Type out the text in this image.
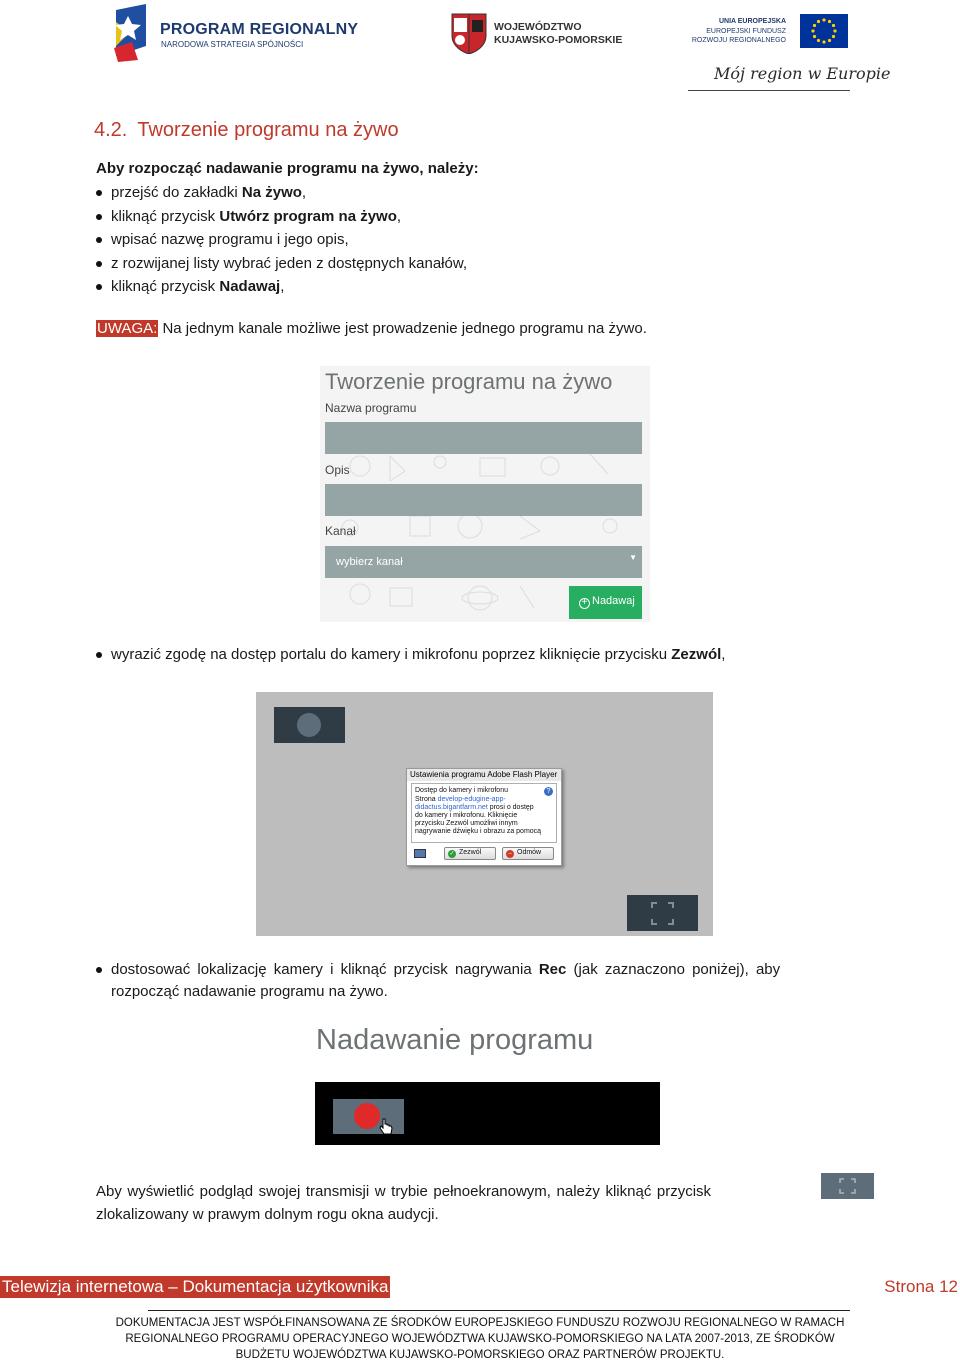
PROGRAM REGIONALNY
NARODOWA STRATEGIA SPÓJNOŚCI
WOJEWÓDZTWO
KUJAWSKO-POMORSKIE
UNIA EUROPEJSKA
EUROPEJSKI FUNDUSZ
ROZWOJU REGIONALNEGO
Mój region w Europie
4.2. Tworzenie programu na żywo
Aby rozpocząć nadawanie programu na żywo, należy:
przejść do zakładki Na żywo,
kliknąć przycisk Utwórz program na żywo,
wpisać nazwę programu i jego opis,
z rozwijanej listy wybrać jeden z dostępnych kanałów,
kliknąć przycisk Nadawaj,
UWAGA: Na jednym kanale możliwe jest prowadzenie jednego programu na żywo.
Tworzenie programu na żywo
Nazwa programu
Opis
Kanał
wybierz kanał	▼
+ Nadawaj
wyrazić zgodę na dostęp portalu do kamery i mikrofonu poprzez kliknięcie przycisku Zezwól,
Ustawienia programu Adobe Flash Player
?
Dostęp do kamery i mikrofonu
Strona develop-edugine-app-
didactus.bigantfarm.net prosi o dostęp
do kamery i mikrofonu. Kliknięcie
przycisku Zezwól umożliwi innym
nagrywanie dźwięku i obrazu za pomocą
✓ Zezwól	– Odmów
dostosować lokalizację kamery i kliknąć przycisk nagrywania Rec (jak zaznaczono poniżej), aby
rozpocząć nadawanie programu na żywo.
Nadawanie programu
Aby wyświetlić podgląd swojej transmisji w trybie pełnoekranowym, należy kliknąć przycisk
zlokalizowany w prawym dolnym rogu okna audycji.
Telewizja internetowa – Dokumentacja użytkownika	Strona 12
DOKUMENTACJA JEST WSPÓŁFINANSOWANA ZE ŚRODKÓW EUROPEJSKIEGO FUNDUSZU ROZWOJU REGIONALNEGO W RAMACH
REGIONALNEGO PROGRAMU OPERACYJNEGO WOJEWÓDZTWA KUJAWSKO-POMORSKIEGO NA LATA 2007-2013, ZE ŚRODKÓW
BUDŻETU WOJEWÓDZTWA KUJAWSKO-POMORSKIEGO ORAZ PARTNERÓW PROJEKTU.
